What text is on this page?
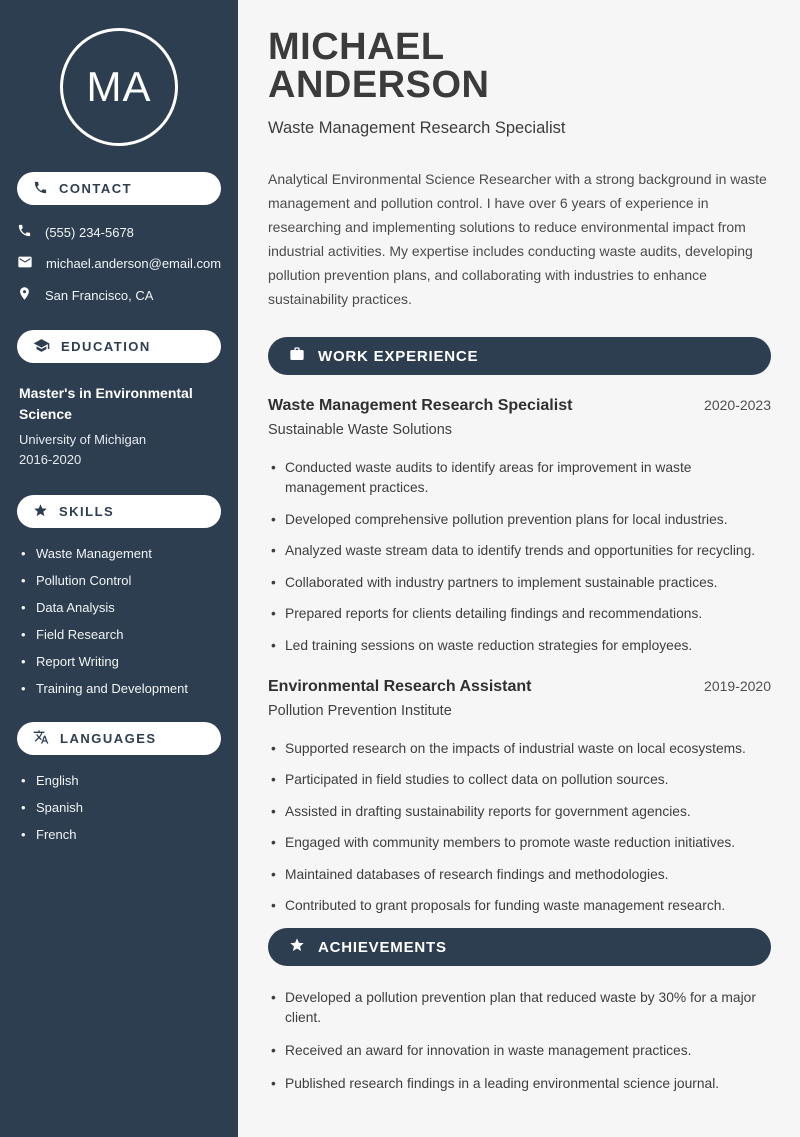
MA
CONTACT
(555) 234-5678
michael.anderson@email.com
San Francisco, CA
EDUCATION
Master's in Environmental Science
University of Michigan
2016-2020
SKILLS
• Waste Management
• Pollution Control
• Data Analysis
• Field Research
• Report Writing
• Training and Development
LANGUAGES
• English
• Spanish
• French
MICHAEL
ANDERSON
Waste Management Research Specialist

Analytical Environmental Science Researcher with a strong background in waste management and pollution control. I have over 6 years of experience in researching and implementing solutions to reduce environmental impact from industrial activities. My expertise includes conducting waste audits, developing pollution prevention plans, and collaborating with industries to enhance sustainability practices.

WORK EXPERIENCE
Waste Management Research Specialist	2020-2023
Sustainable Waste Solutions
• Conducted waste audits to identify areas for improvement in waste management practices.
• Developed comprehensive pollution prevention plans for local industries.
• Analyzed waste stream data to identify trends and opportunities for recycling.
• Collaborated with industry partners to implement sustainable practices.
• Prepared reports for clients detailing findings and recommendations.
• Led training sessions on waste reduction strategies for employees.
Environmental Research Assistant	2019-2020
Pollution Prevention Institute
• Supported research on the impacts of industrial waste on local ecosystems.
• Participated in field studies to collect data on pollution sources.
• Assisted in drafting sustainability reports for government agencies.
• Engaged with community members to promote waste reduction initiatives.
• Maintained databases of research findings and methodologies.
• Contributed to grant proposals for funding waste management research.
ACHIEVEMENTS
• Developed a pollution prevention plan that reduced waste by 30% for a major client.
• Received an award for innovation in waste management practices.
• Published research findings in a leading environmental science journal.
